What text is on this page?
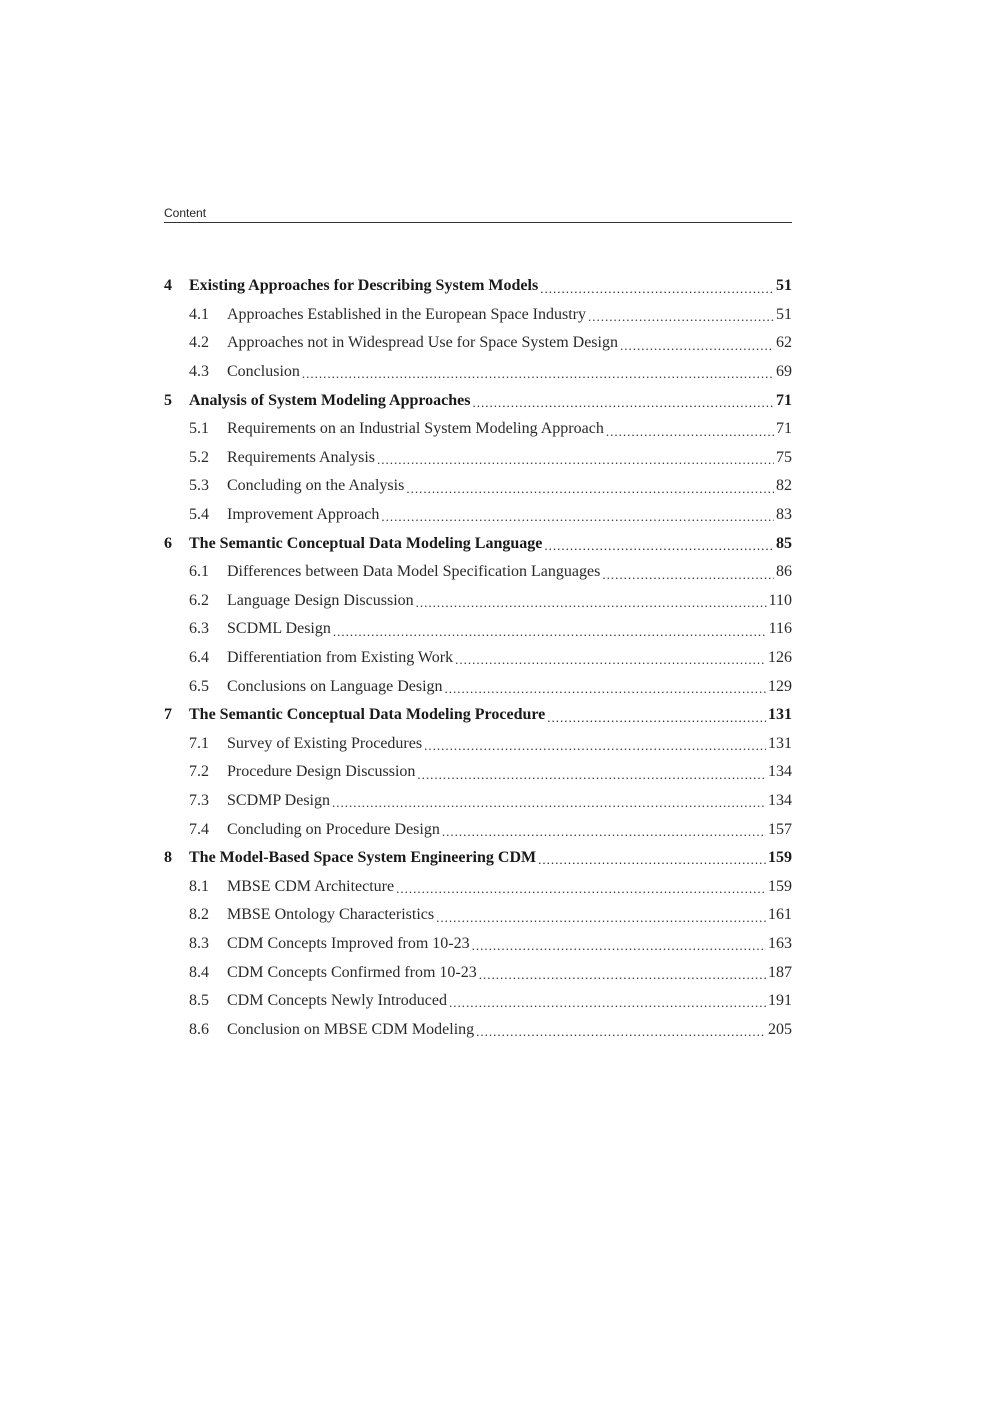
Content
4	Existing Approaches for Describing System Models .....	51
4.1	Approaches Established in the European Space Industry .....	51
4.2	Approaches not in Widespread Use for Space System Design .....	62
4.3	Conclusion .....	69
5	Analysis of System Modeling Approaches .....	71
5.1	Requirements on an Industrial System Modeling Approach .....	71
5.2	Requirements Analysis .....	75
5.3	Concluding on the Analysis .....	82
5.4	Improvement Approach .....	83
6	The Semantic Conceptual Data Modeling Language .....	85
6.1	Differences between Data Model Specification Languages .....	86
6.2	Language Design Discussion .....	110
6.3	SCDML Design .....	116
6.4	Differentiation from Existing Work .....	126
6.5	Conclusions on Language Design .....	129
7	The Semantic Conceptual Data Modeling Procedure .....	131
7.1	Survey of Existing Procedures .....	131
7.2	Procedure Design Discussion .....	134
7.3	SCDMP Design .....	134
7.4	Concluding on Procedure Design .....	157
8	The Model-Based Space System Engineering CDM .....	159
8.1	MBSE CDM Architecture .....	159
8.2	MBSE Ontology Characteristics .....	161
8.3	CDM Concepts Improved from 10-23 .....	163
8.4	CDM Concepts Confirmed from 10-23 .....	187
8.5	CDM Concepts Newly Introduced .....	191
8.6	Conclusion on MBSE CDM Modeling .....	205
